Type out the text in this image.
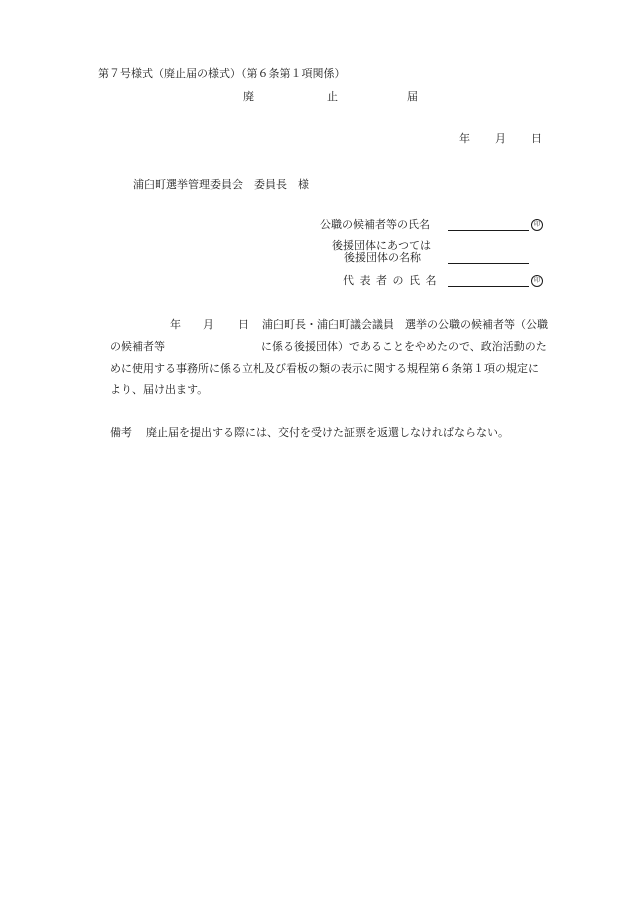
第７号様式（廃止届の様式）（第６条第１項関係）
廃	止	届
年 月 日
浦臼町選挙管理委員会　委員長　様
公職の候補者等の氏名	印
後援団体にあつては
後援団体の名称
代 表 者 の 氏 名	印
年 月 日 浦臼町長・浦臼町議会議員　選挙の公職の候補者等（公職
の候補者等	に係る後援団体）であることをやめたので、政治活動のた
めに使用する事務所に係る立札及び看板の類の表示に関する規程第６条第１項の規定に
より、届け出ます。
備考 廃止届を提出する際には、交付を受けた証票を返還しなければならない。
